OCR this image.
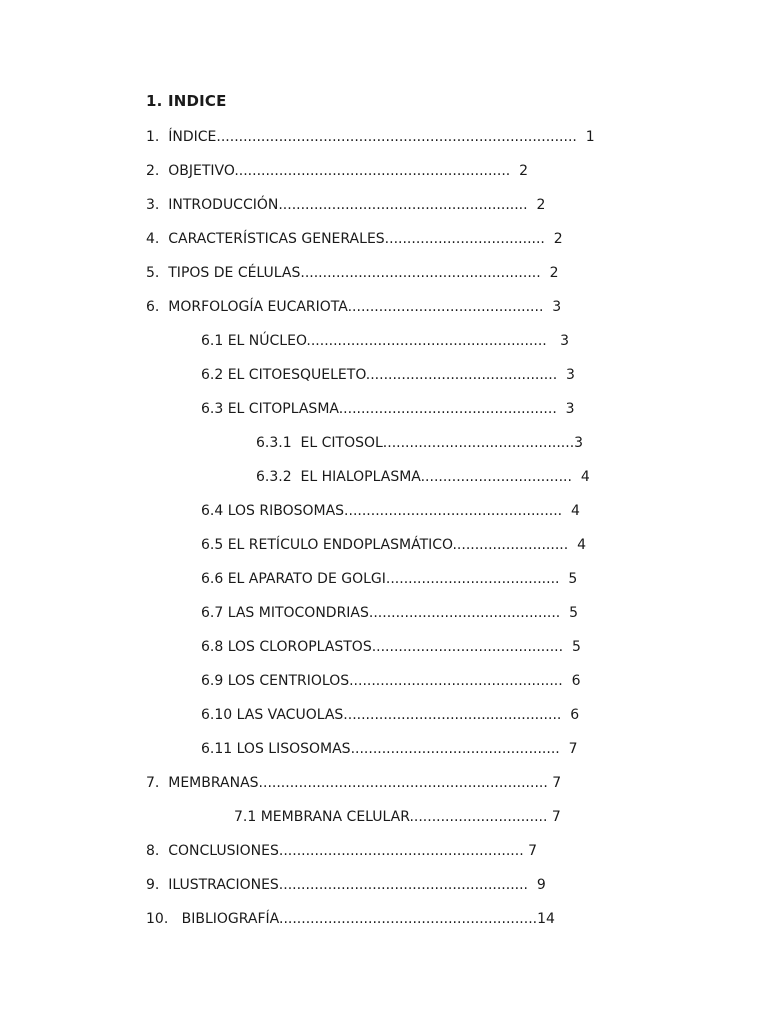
1. INDICE
1.  ÍNDICE.................................................................................  1
2.  OBJETIVO..............................................................  2
3.  INTRODUCCIÓN........................................................  2
4.  CARACTERÍSTICAS GENERALES....................................  2
5.  TIPOS DE CÉLULAS......................................................  2
6.  MORFOLOGÍA EUCARIOTA............................................  3
6.1 EL NÚCLEO......................................................   3
6.2 EL CITOESQUELETO...........................................  3
6.3 EL CITOPLASMA.................................................  3
6.3.1  EL CITOSOL...........................................3
6.3.2  EL HIALOPLASMA..................................  4
6.4 LOS RIBOSOMAS.................................................  4
6.5 EL RETÍCULO ENDOPLASMÁTICO..........................  4
6.6 EL APARATO DE GOLGI.......................................  5
6.7 LAS MITOCONDRIAS...........................................  5
6.8 LOS CLOROPLASTOS...........................................  5
6.9 LOS CENTRIOLOS................................................  6
6.10 LAS VACUOLAS.................................................  6
6.11 LOS LISOSOMAS...............................................  7
7.  MEMBRANAS................................................................. 7
7.1 MEMBRANA CELULAR............................... 7
8.  CONCLUSIONES....................................................... 7
9.  ILUSTRACIONES........................................................  9
10.   BIBLIOGRAFÍA..........................................................14
